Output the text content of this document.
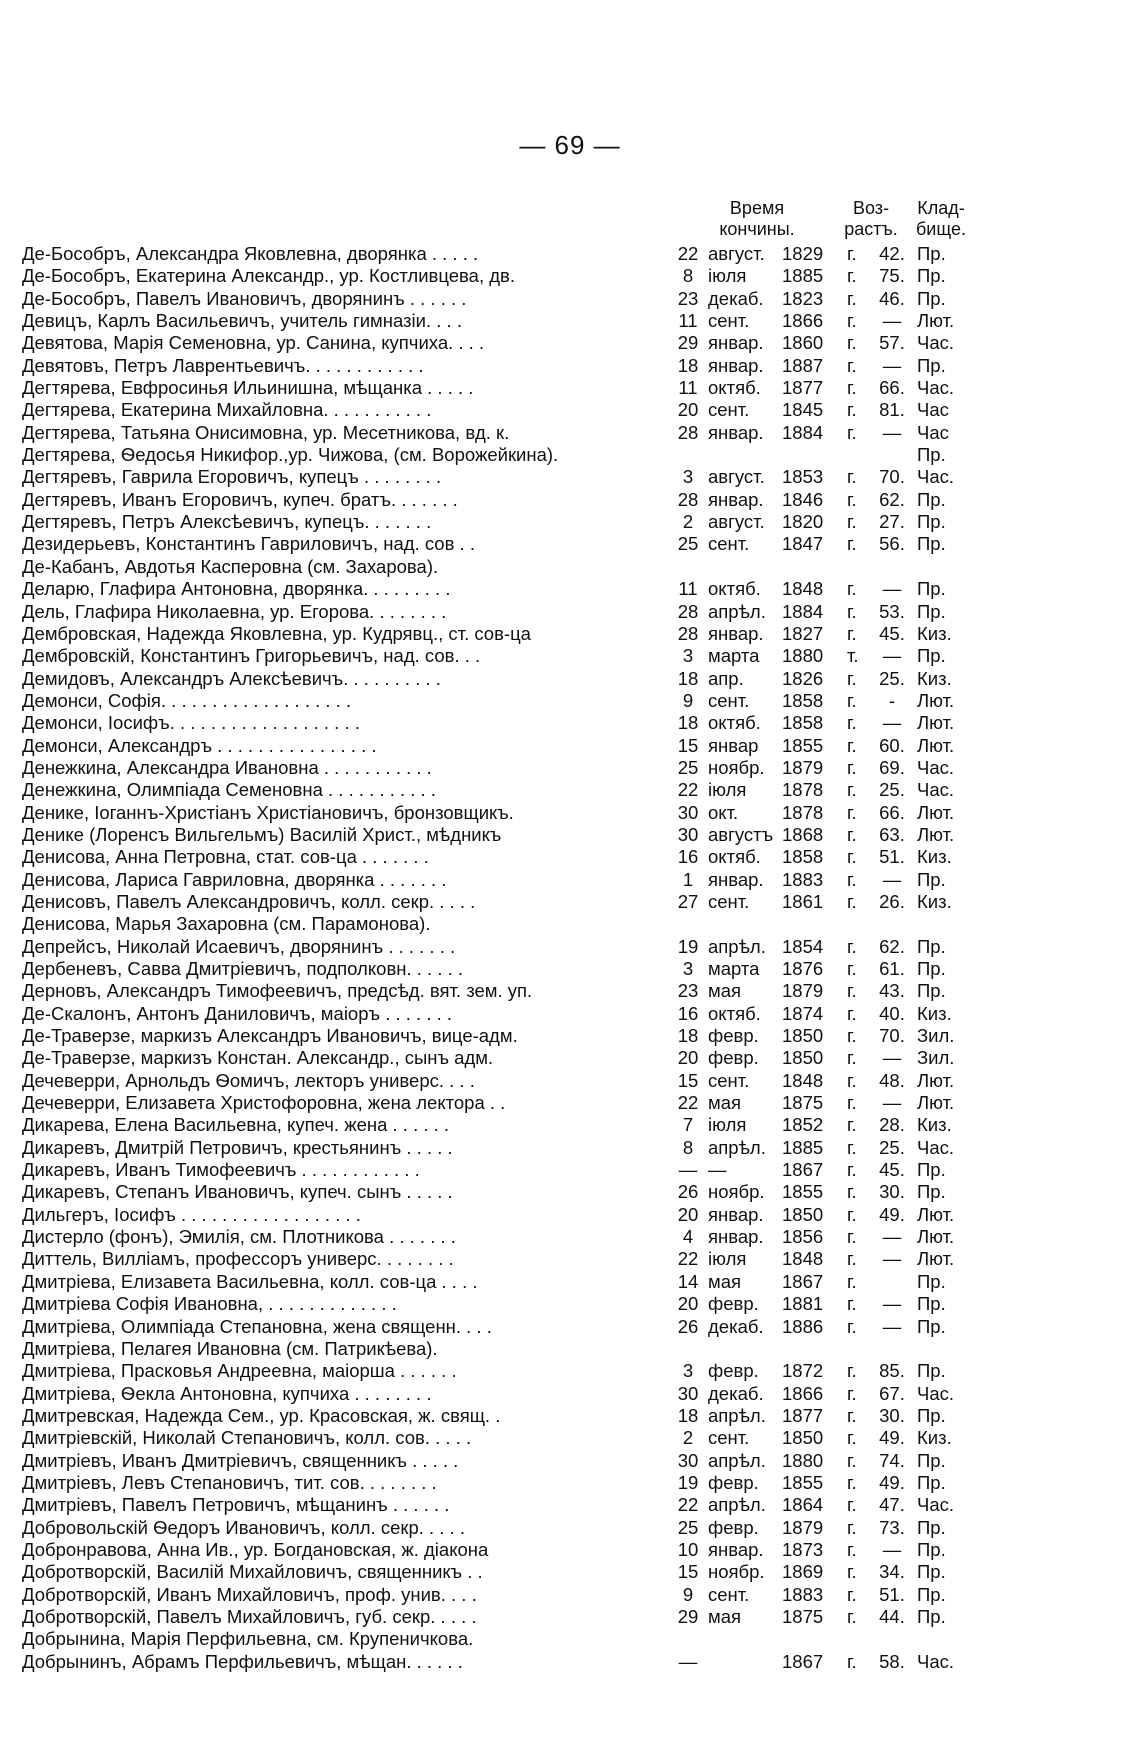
— 69 —
Время
кончины.
Воз-
растъ.
Клад-
бище.
Де-Бособръ, Александра Яковлевна, дворянка . . . . .	22 август. 1829	г.	42. Пр.
Де-Бособръ, Екатерина Александр., ур. Костливцева, дв.	8 іюля	1885	г.	75. Пр.
Де-Бособръ, Павелъ Ивановичъ, дворянинъ . . . . . .	23 декаб. 1823	г.	46. Пр.
Девицъ, Карлъ Васильевичъ, учитель гимназіи. . . .	11 сент.	1866	г.	— Лют.
Девятова, Марія Семеновна, ур. Санина, купчиха. . . .	29 январ. 1860	г.	57. Час.
Девятовъ, Петръ Лаврентьевичъ. . . . . . . . . . . .	18 январ. 1887	г.	— Пр.
Дегтярева, Евфросинья Ильинишна, мѣщанка . . . . .	11 октяб.	1877	г.	66. Час.
Дегтярева, Екатерина Михайловна. . . . . . . . . . .	20 сент.	1845	г.	81. Час
Дегтярева, Татьяна Онисимовна, ур. Месетникова, вд. к.	28 январ. 1884	г.	— Час
Дегтярева, Ѳедосья Никифор.,ур. Чижова, (см. Ворожейкина).	Пр.
Дегтяревъ, Гаврила Егоровичъ, купецъ . . . . . . . .	3 август. 1853	г.	70. Час.
Дегтяревъ, Иванъ Егоровичъ, купеч. братъ. . . . . . .	28 январ. 1846	г.	62. Пр.
Дегтяревъ, Петръ Алексѣевичъ, купецъ. . . . . . .	2 август. 1820	г.	27. Пр.
Дезидерьевъ, Константинъ Гавриловичъ, над. сов . .	25 сент.	1847	г.	56. Пр.
Де-Кабанъ, Авдотья Касперовна (см. Захарова).
Деларю, Глафира Антоновна, дворянка. . . . . . . . .	11 октяб.	1848	г.	— Пр.
Дель, Глафира Николаевна, ур. Егорова. . . . . . . .	28 апрѣл. 1884	г.	53. Пр.
Дембровская, Надежда Яковлевна, ур. Кудрявц., ст. сов-ца	28 январ. 1827	г.	45. Киз.
Дембровскій, Константинъ Григорьевичъ, над. сов. . .	3 марта	1880	т.	— Пр.
Демидовъ, Александръ Алексѣевичъ. . . . . . . . . .	18 апр.	1826	г.	25. Киз.
Демонси, Софія. . . . . . . . . . . . . . . . . . .	9 сент.	1858	г.	-	Лют.
Демонси, Іосифъ. . . . . . . . . . . . . . . . . . .	18 октяб.	1858	г.	— Лют.
Демонси, Александръ . . . . . . . . . . . . . . . .	15 январ	1855	г.	60. Лют.
Денежкина, Александра Ивановна . . . . . . . . . . .	25 ноябр. 1879	г.	69. Час.
Денежкина, Олимпіада Семеновна . . . . . . . . . . .	22 іюля	1878	г.	25. Час.
Денике, Іоганнъ-Христіанъ Христіановичъ, бронзовщикъ.	30 окт.	1878	г.	66. Лют.
Денике (Лоренсъ Вильгельмъ) Василій Христ., мѣдникъ	30 августъ 1868	г.	63. Лют.
Денисова, Анна Петровна, стат. сов-ца . . . . . . .	16 октяб.	1858	г.	51. Киз.
Денисова, Лариса Гавриловна, дворянка . . . . . . .	1 январ. 1883	г.	— Пр.
Денисовъ, Павелъ Александровичъ, колл. секр. . . . .	27 сент.	1861	г.	26. Киз.
Денисова, Марья Захаровна (см. Парамонова).
Депрейсъ, Николай Исаевичъ, дворянинъ . . . . . . .	19 апрѣл. 1854	г.	62. Пр.
Дербеневъ, Савва Дмитріевичъ, подполковн. . . . . .	3 марта	1876	г.	61. Пр.
Дерновъ, Александръ Тимофеевичъ, предсѣд. вят. зем. уп.	23 мая	1879	г.	43. Пр.
Де-Скалонъ, Антонъ Даниловичъ, маіоръ . . . . . . .	16 октяб.	1874	г.	40. Киз.
Де-Траверзе, маркизъ Александръ Ивановичъ, вице-адм.	18 февр.	1850	г.	70. Зил.
Де-Траверзе, маркизъ Констан. Александр., сынъ адм.	20 февр.	1850	г.	— Зил.
Дечеверри, Арнольдъ Ѳомичъ, лекторъ универс. . . .	15 сент.	1848	г.	48. Лют.
Дечеверри, Елизавета Христофоровна, жена лектора . .	22 мая	1875	г.	— Лют.
Дикарева, Елена Васильевна, купеч. жена . . . . . .	7 іюля	1852	г.	28. Киз.
Дикаревъ, Дмитрій Петровичъ, крестьянинъ . . . . .	8 апрѣл. 1885	г.	25. Час.
Дикаревъ, Иванъ Тимофеевичъ . . . . . . . . . . . .	— —	1867	г.	45. Пр.
Дикаревъ, Степанъ Ивановичъ, купеч. сынъ . . . . .	26 ноябр. 1855	г.	30. Пр.
Дильгеръ, Іосифъ . . . . . . . . . . . . . . . . . .	20 январ. 1850	г.	49. Лют.
Дистерло (фонъ), Эмилія, см. Плотникова . . . . . . .	4 январ. 1856	г.	— Лют.
Диттель, Вилліамъ, профессоръ универс. . . . . . . .	22 іюля	1848	г.	— Лют.
Дмитріева, Елизавета Васильевна, колл. сов-ца . . . .	14 мая	1867	г.	Пр.
Дмитріева Софія Ивановна, . . . . . . . . . . . . .	20 февр.	1881	г.	— Пр.
Дмитріева, Олимпіада Степановна, жена священн. . . .	26 декаб. 1886	г.	— Пр.
Дмитріева, Пелагея Ивановна (см. Патрикѣева).
Дмитріева, Прасковья Андреевна, маіорша . . . . . .	3 февр.	1872	г.	85. Пр.
Дмитріева, Ѳекла Антоновна, купчиха . . . . . . . .	30 декаб. 1866	г.	67. Час.
Дмитревская, Надежда Сем., ур. Красовская, ж. свящ. .	18 апрѣл. 1877	г.	30. Пр.
Дмитріевскій, Николай Степановичъ, колл. сов. . . . .	2 сент.	1850	г.	49. Киз.
Дмитріевъ, Иванъ Дмитріевичъ, священникъ . . . . .	30 апрѣл. 1880	г.	74. Пр.
Дмитріевъ, Левъ Степановичъ, тит. сов. . . . . . . .	19 февр.	1855	г.	49. Пр.
Дмитріевъ, Павелъ Петровичъ, мѣщанинъ . . . . . .	22 апрѣл. 1864	г.	47. Час.
Добровольскій Ѳедоръ Ивановичъ, колл. секр. . . . .	25 февр.	1879	г.	73. Пр.
Добронравова, Анна Ив., ур. Богдановская, ж. діакона	10 январ. 1873	г.	— Пр.
Добротворскій, Василій Михайловичъ, священникъ . .	15 ноябр. 1869	г.	34. Пр.
Добротворскій, Иванъ Михайловичъ, проф. унив. . . .	9 сент.	1883	г.	51. Пр.
Добротворскій, Павелъ Михайловичъ, губ. секр. . . . .	29 мая	1875	г.	44. Пр.
Добрынина, Марія Перфильевна, см. Крупеничкова.
Добрынинъ, Абрамъ Перфильевичъ, мѣщан. . . . . .	—	1867	г.	58. Час.
